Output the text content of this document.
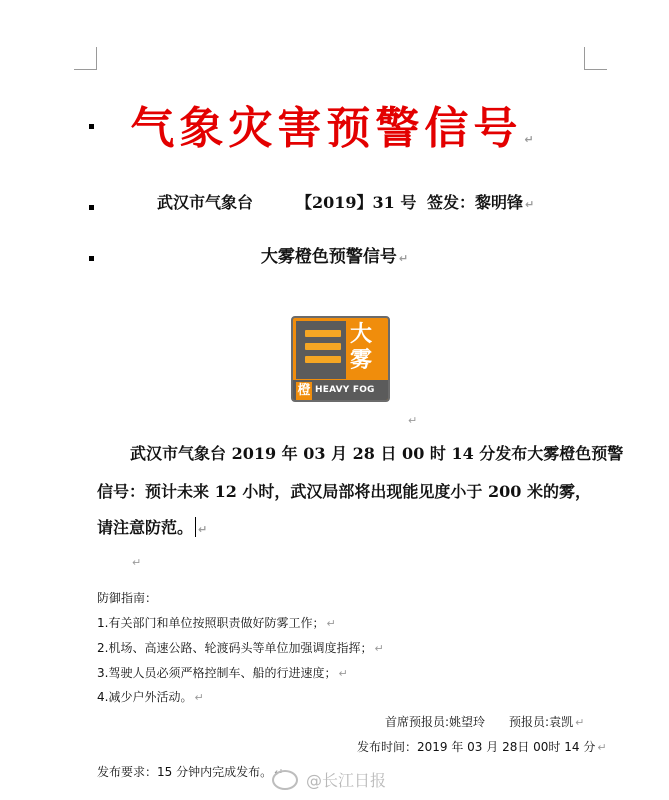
气象灾害预警信号 ↵
武汉市气象台	【2019】31 号 签发：黎明锋 ↵
大雾橙色预警信号 ↵
大
雾
橙 HEAVY FOG
↵
武汉市气象台 2019 年 03 月 28 日 00 时 14 分发布大雾橙色预警
信号：预计未来 12 小时，武汉局部将出现能见度小于 200 米的雾，
请注意防范。 ↵
↵
防御指南：
1.有关部门和单位按照职责做好防雾工作； ↵
2.机场、高速公路、轮渡码头等单位加强调度指挥； ↵
3.驾驶人员必须严格控制车、船的行进速度； ↵
4.减少户外活动。 ↵
首席预报员:姚望玲　　预报员:袁凯 ↵
发布时间：2019 年 03 月 28日 00时 14 分 ↵
发布要求：15 分钟内完成发布。 ↵	@长江日报
